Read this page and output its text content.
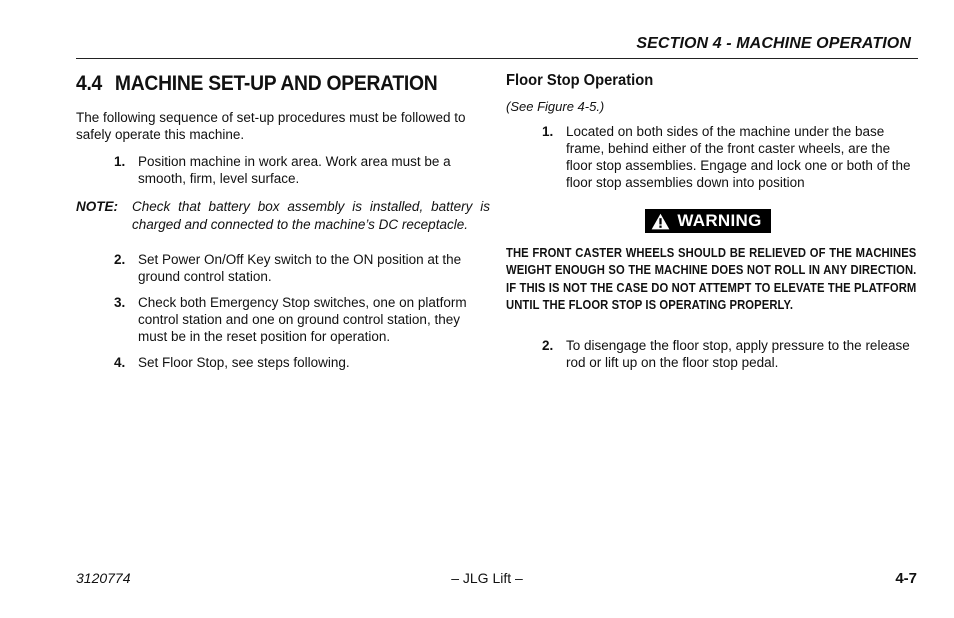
SECTION 4 - MACHINE OPERATION
4.4 MACHINE SET-UP AND OPERATION

The following sequence of set-up procedures must be followed to safely operate this machine.

1. Position machine in work area. Work area must be a smooth, firm, level surface.
NOTE:	Check that battery box assembly is installed, battery is charged and connected to the machine’s DC receptacle.
2. Set Power On/Off Key switch to the ON position at the ground control station.
3. Check both Emergency Stop switches, one on platform control station and one on ground control station, they must be in the reset position for operation.
4. Set Floor Stop, see steps following.
Floor Stop Operation

(See Figure 4-5.)

1. Located on both sides of the machine under the base frame, behind either of the front caster wheels, are the floor stop assemblies. Engage and lock one or both of the floor stop assemblies down into position
WARNING
THE FRONT CASTER WHEELS SHOULD BE RELIEVED OF THE MACHINES WEIGHT ENOUGH SO THE MACHINE DOES NOT ROLL IN ANY DIRECTION. IF THIS IS NOT THE CASE DO NOT ATTEMPT TO ELEVATE THE PLATFORM UNTIL THE FLOOR STOP IS OPERATING PROPERLY.
2. To disengage the floor stop, apply pressure to the release rod or lift up on the floor stop pedal.
3120774	– JLG Lift –	4-7
